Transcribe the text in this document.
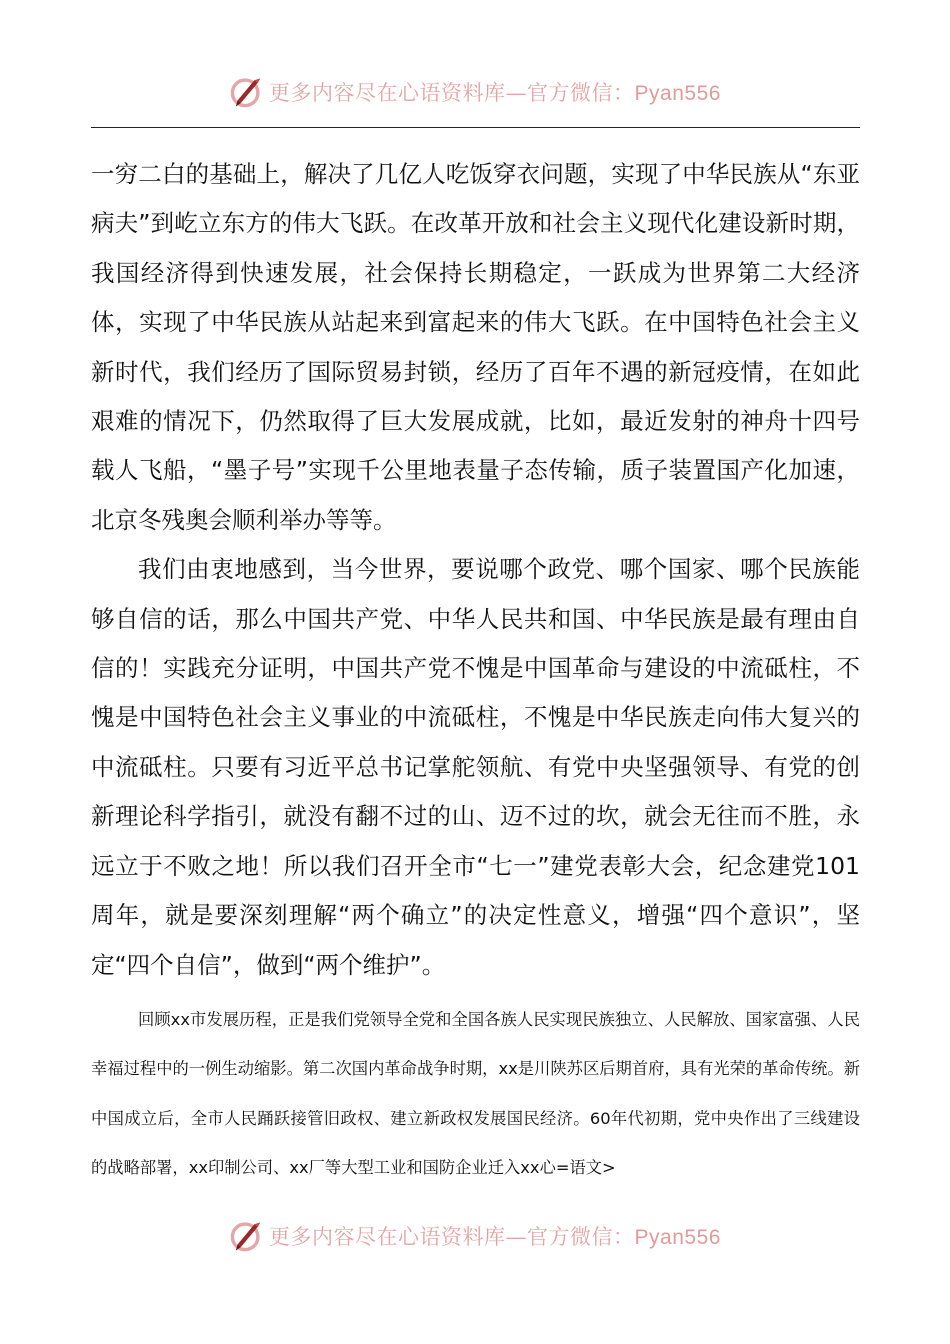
更多内容尽在心语资料库—官方微信：Pyan556

一穷二白的基础上，解决了几亿人吃饭穿衣问题，实现了中华民族从“东亚病夫”到屹立东方的伟大飞跃。在改革开放和社会主义现代化建设新时期，我国经济得到快速发展，社会保持长期稳定，一跃成为世界第二大经济体，实现了中华民族从站起来到富起来的伟大飞跃。在中国特色社会主义新时代，我们经历了国际贸易封锁，经历了百年不遇的新冠疫情，在如此艰难的情况下，仍然取得了巨大发展成就，比如，最近发射的神舟十四号载人飞船，“墨子号”实现千公里地表量子态传输，质子装置国产化加速，北京冬残奥会顺利举办等等。

我们由衷地感到，当今世界，要说哪个政党、哪个国家、哪个民族能够自信的话，那么中国共产党、中华人民共和国、中华民族是最有理由自信的！实践充分证明，中国共产党不愧是中国革命与建设的中流砥柱，不愧是中国特色社会主义事业的中流砥柱，不愧是中华民族走向伟大复兴的中流砥柱。只要有习近平总书记掌舵领航、有党中央坚强领导、有党的创新理论科学指引，就没有翻不过的山、迈不过的坎，就会无往而不胜，永远立于不败之地！所以我们召开全市“七一”建党表彰大会，纪念建党101周年，就是要深刻理解“两个确立”的决定性意义，增强“四个意识”，坚定“四个自信”，做到“两个维护”。

回顾xx市发展历程，正是我们党领导全党和全国各族人民实现民族独立、人民解放、国家富强、人民幸福过程中的一例生动缩影。第二次国内革命战争时期，xx是川陕苏区后期首府，具有光荣的革命传统。新中国成立后，全市人民踊跃接管旧政权、建立新政权发展国民经济。60年代初期，党中央作出了三线建设的战略部署，xx印制公司、xx厂等大型工业和国防企业迁入xx心=语文>

更多内容尽在心语资料库—官方微信：Pyan556
